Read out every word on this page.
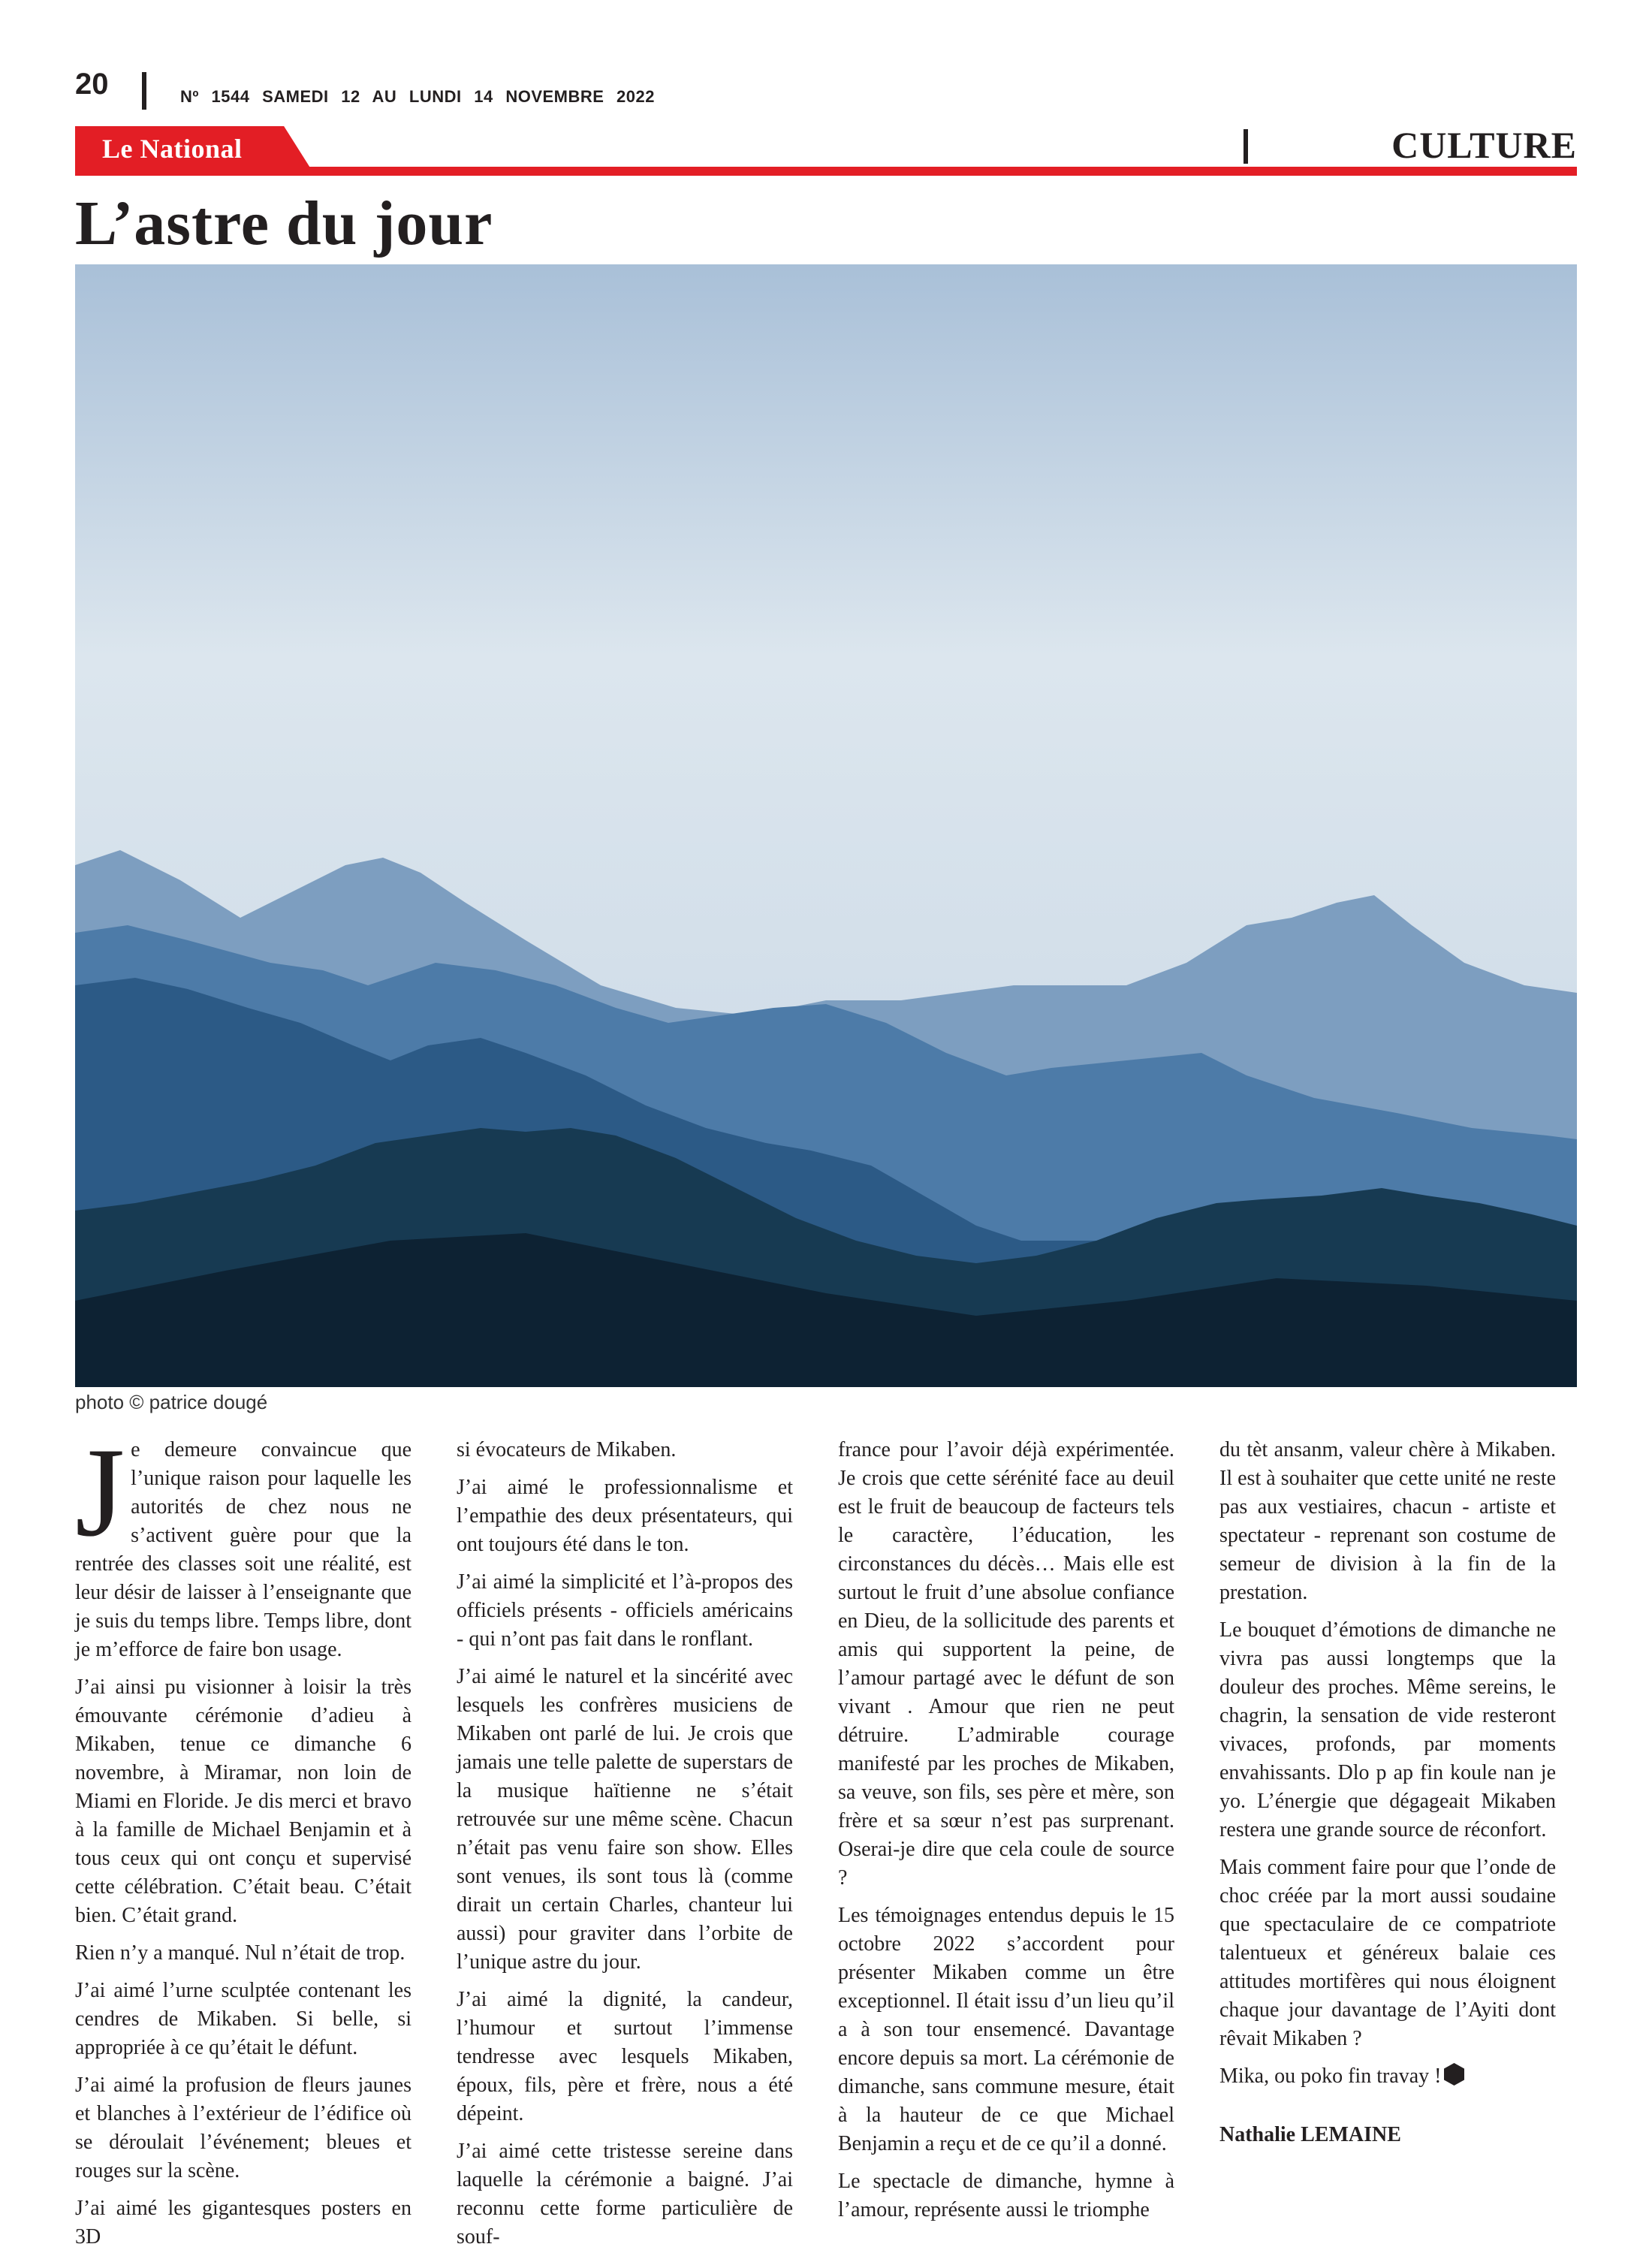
20	Nº 1544 SAMEDI 12 AU LUNDI 14 NOVEMBRE 2022
Le National	CULTURE
L’astre du jour
photo © patrice dougé

Je demeure convaincue que l’unique raison pour laquelle les autorités de chez nous ne s’activent guère pour que la rentrée des classes soit une réalité, est leur désir de laisser à l’enseignante que je suis du temps libre. Temps libre, dont je m’efforce de faire bon usage.

J’ai ainsi pu visionner à loisir la très émouvante cérémonie d’adieu à Mikaben, tenue ce dimanche 6 novembre, à Miramar, non loin de Miami en Floride. Je dis merci et bravo à la famille de Michael Benjamin et à tous ceux qui ont conçu et supervisé cette célébration. C’était beau. C’était bien. C’était grand.

Rien n’y a manqué. Nul n’était de trop.

J’ai aimé l’urne sculptée contenant les cendres de Mikaben. Si belle, si appropriée à ce qu’était le défunt.

J’ai aimé la profusion de fleurs jaunes et blanches à l’extérieur de l’édifice où se déroulait l’événement; bleues et rouges sur la scène.

J’ai aimé les gigantesques posters en 3D

si évocateurs de Mikaben.

J’ai aimé le professionnalisme et l’empathie des deux présentateurs, qui ont toujours été dans le ton.

J’ai aimé la simplicité et l’à-propos des officiels présents - officiels américains - qui n’ont pas fait dans le ronflant.

J’ai aimé le naturel et la sincérité avec lesquels les confrères musiciens de Mikaben ont parlé de lui. Je crois que jamais une telle palette de superstars de la musique haïtienne ne s’était retrouvée sur une même scène. Chacun n’était pas venu faire son show. Elles sont venues, ils sont tous là (comme dirait un certain Charles, chanteur lui aussi) pour graviter dans l’orbite de l’unique astre du jour.

J’ai aimé la dignité, la candeur, l’humour et surtout l’immense tendresse avec lesquels Mikaben, époux, fils, père et frère, nous a été dépeint.

J’ai aimé cette tristesse sereine dans laquelle la cérémonie a baigné. J’ai reconnu cette forme particulière de souf-

france pour l’avoir déjà expérimentée. Je crois que cette sérénité face au deuil est le fruit de beaucoup de facteurs tels le caractère, l’éducation, les circonstances du décès… Mais elle est surtout le fruit d’une absolue confiance en Dieu, de la sollicitude des parents et amis qui supportent la peine, de l’amour partagé avec le défunt de son vivant . Amour que rien ne peut détruire. L’admirable courage manifesté par les proches de Mikaben, sa veuve, son fils, ses père et mère, son frère et sa sœur n’est pas surprenant. Oserai-je dire que cela coule de source ?

Les témoignages entendus depuis le 15 octobre 2022 s’accordent pour présenter Mikaben comme un être exceptionnel. Il était issu d’un lieu qu’il a à son tour ensemencé. Davantage encore depuis sa mort. La cérémonie de dimanche, sans commune mesure, était à la hauteur de ce que Michael Benjamin a reçu et de ce qu’il a donné.

Le spectacle de dimanche, hymne à l’amour, représente aussi le triomphe

du tèt ansanm, valeur chère à Mikaben. Il est à souhaiter que cette unité ne reste pas aux vestiaires, chacun - artiste et spectateur - reprenant son costume de semeur de division à la fin de la prestation.

Le bouquet d’émotions de dimanche ne vivra pas aussi longtemps que la douleur des proches. Même sereins, le chagrin, la sensation de vide resteront vivaces, profonds, par moments envahissants. Dlo p ap fin koule nan je yo. L’énergie que dégageait Mikaben restera une grande source de réconfort.

Mais comment faire pour que l’onde de choc créée par la mort aussi soudaine que spectaculaire de ce compatriote talentueux et généreux balaie ces attitudes mortifères qui nous éloignent chaque jour davantage de l’Ayiti dont rêvait Mikaben ?

Mika, ou poko fin travay !

Nathalie LEMAINE
